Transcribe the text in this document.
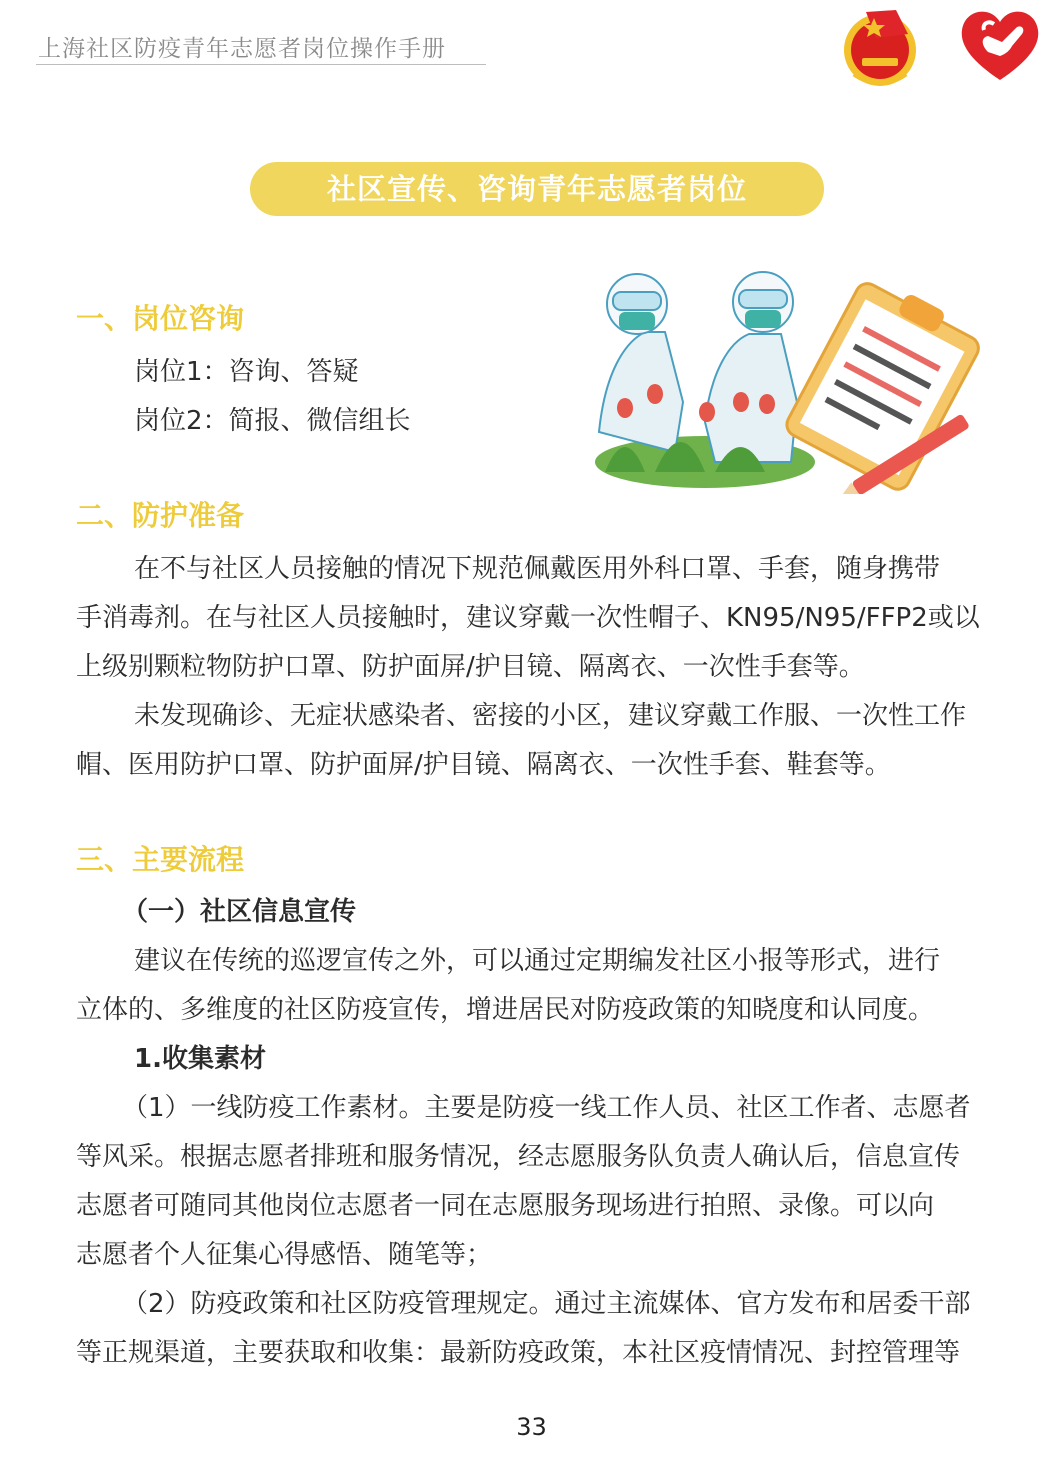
上海社区防疫青年志愿者岗位操作手册
社区宣传、咨询青年志愿者岗位
一、岗位咨询
岗位1：咨询、答疑
岗位2：简报、微信组长
二、防护准备
在不与社区人员接触的情况下规范佩戴医用外科口罩、手套，随身携带
手消毒剂。在与社区人员接触时，建议穿戴一次性帽子、KN95/N95/FFP2或以
上级别颗粒物防护口罩、防护面屏/护目镜、隔离衣、一次性手套等。
未发现确诊、无症状感染者、密接的小区，建议穿戴工作服、一次性工作
帽、医用防护口罩、防护面屏/护目镜、隔离衣、一次性手套、鞋套等。
三、主要流程
（一）社区信息宣传
建议在传统的巡逻宣传之外，可以通过定期编发社区小报等形式，进行
立体的、多维度的社区防疫宣传，增进居民对防疫政策的知晓度和认同度。
1.收集素材
（1）一线防疫工作素材。主要是防疫一线工作人员、社区工作者、志愿者
等风采。根据志愿者排班和服务情况，经志愿服务队负责人确认后，信息宣传
志愿者可随同其他岗位志愿者一同在志愿服务现场进行拍照、录像。可以向
志愿者个人征集心得感悟、随笔等；
（2）防疫政策和社区防疫管理规定。通过主流媒体、官方发布和居委干部
等正规渠道，主要获取和收集：最新防疫政策，本社区疫情情况、封控管理等
33
